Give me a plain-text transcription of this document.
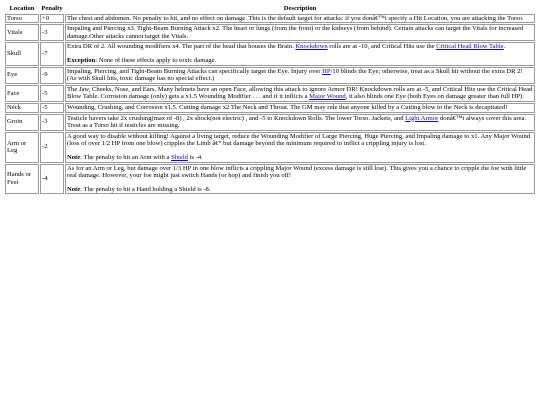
Location	Penalty	Description
Torso	+0	The chest and abdomen. No penalty to hit, and no effect on damage. This is the default target for attacks: if you donâ€™t specify a Hit Location, you are attacking the Torso.

Vitals	-3	Impaling and Piercing x3. Tight-Beam Burning Attack x2. The heart or lungs (from the front) or the kidneys (from behind). Certain attacks can target the Vitals for increased damage.Other attacks cannot target the Vitals.

Skull	-7	Extra DR of 2. All wounding modifiers x4. The part of the head that houses the Brain. Knockdown rolls are at -10, and Critical Hits use the Critical Head Blow Table.
Exception: None of these effects apply to toxic damage.

Eye	-9	Impaling, Piercing, and Tight-Beam Burning Attacks can specifically target the Eye. Injury over HP/10 blinds the Eye; otherwise, treat as a Skull hit without the extra DR 2! (As with Skull hits, toxic damage has no special effect.)

Face	-5	The Jaw, Cheeks, Nose, and Ears. Many helmets have an open Face, allowing this attack to ignore Armor DR! Knockdown rolls are at -5, and Critical Hits use the Critical Head Blow Table. Corrosion damage (only) gets a x1.5 Wounding Modifier . . . and if it inflicts a Major Wound, it also blinds one Eye (both Eyes on damage greater than full HP).

Neck	-5	Wounding, Crushing, and Corrosion x1.5. Cutting damage x2 The Neck and Throat. The GM may rule that anyone killed by a Cutting blow to the Neck is decapitated!

Groin	-3	Testicle havers take 2x crushing(max of -8) , 2x shock(not electric) , and -5 to Knockdown Rolls. The lower Torso. Jackets, and Light Armor donâ€™t always cover this area. Treat as a Torso hit if testicles are missing.

Arm or Leg	-2	A good way to disable without killing! Against a living target, reduce the Wounding Modifier of Large Piercing, Huge Piercing, and Impaling damage to x1. Any Major Wound (loss of over 1/2 HP from one blow) cripples the Limb â€“ but damage beyond the minimum required to inflict a crippling injury is lost.
Note: The penalty to hit an Arm with a Shield is -4.

Hands or Feet	-4	As for an Arm or Leg, but damage over 1/3 HP in one blow inflicts a crippling Major Wound (excess damage is still lost). This gives you a chance to cripple the foe with little real damage. However, your foe might just switch Hands (or hop) and finish you off!
Note: The penalty to hit a Hand holding a Shield is -8.
